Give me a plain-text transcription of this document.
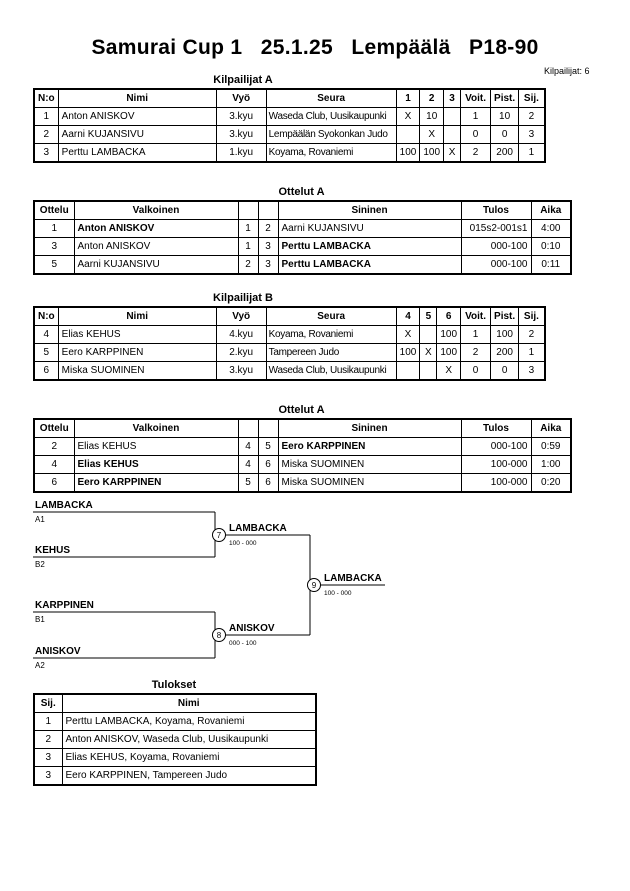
Samurai Cup 1   25.1.25   Lempäälä   P18-90
Kilpailijat: 6
Kilpailijat A
N:o	Nimi	Vyö	Seura	1	2	3	Voit.	Pist.	Sij.
1	Anton ANISKOV	3.kyu	Waseda Club, Uusikaupunki	X	10		1	10	2
2	Aarni KUJANSIVU	3.kyu	Lempäälän Syokonkan Judo		X		0	0	3
3	Perttu LAMBACKA	1.kyu	Koyama, Rovaniemi	100	100	X	2	200	1
Ottelut A
Ottelu	Valkoinen			Sininen	Tulos	Aika
1	Anton ANISKOV	1	2	Aarni KUJANSIVU	015s2-001s1	4:00
3	Anton ANISKOV	1	3	Perttu LAMBACKA	000-100	0:10
5	Aarni KUJANSIVU	2	3	Perttu LAMBACKA	000-100	0:11
Kilpailijat B
N:o	Nimi	Vyö	Seura	4	5	6	Voit.	Pist.	Sij.
4	Elias KEHUS	4.kyu	Koyama, Rovaniemi	X		100	1	100	2
5	Eero KARPPINEN	2.kyu	Tampereen Judo	100	X	100	2	200	1
6	Miska SUOMINEN	3.kyu	Waseda Club, Uusikaupunki			X	0	0	3
Ottelut A
Ottelu	Valkoinen			Sininen	Tulos	Aika
2	Elias KEHUS	4	5	Eero KARPPINEN	000-100	0:59
4	Elias KEHUS	4	6	Miska SUOMINEN	100-000	1:00
6	Eero KARPPINEN	5	6	Miska SUOMINEN	100-000	0:20
LAMBACKA
A1
KEHUS
B2
KARPPINEN
B1
ANISKOV
A2
7
LAMBACKA
100 - 000
8
ANISKOV
000 - 100
9
LAMBACKA
100 - 000
Tulokset
Sij.	Nimi
1	Perttu LAMBACKA, Koyama, Rovaniemi
2	Anton ANISKOV, Waseda Club, Uusikaupunki
3	Elias KEHUS, Koyama, Rovaniemi
3	Eero KARPPINEN, Tampereen Judo
